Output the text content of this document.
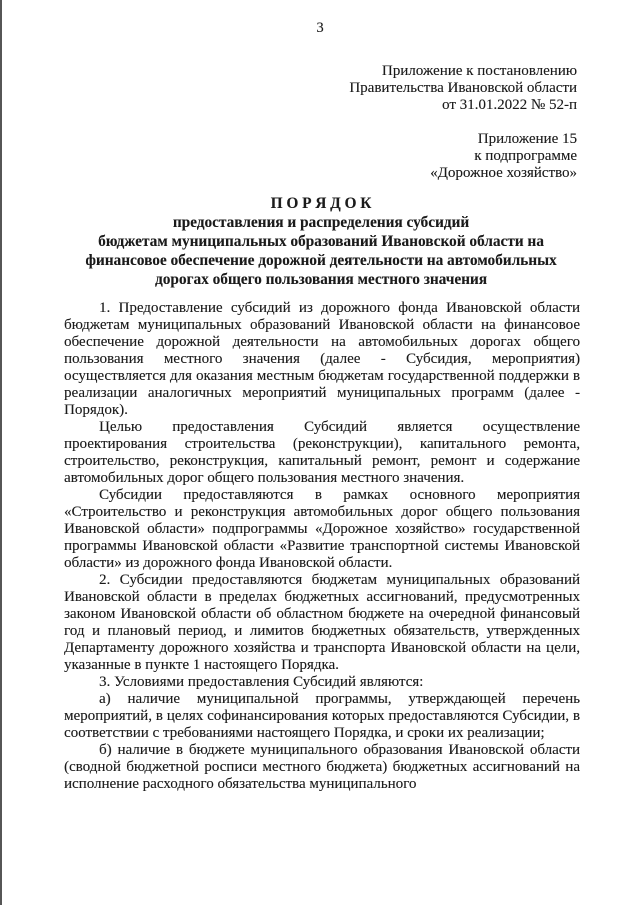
3
Приложение к постановлению
Правительства Ивановской области
от 31.01.2022 № 52-п
Приложение 15
к подпрограмме
«Дорожное хозяйство»
П О Р Я Д О К
предоставления и распределения субсидий
бюджетам муниципальных образований Ивановской области на
финансовое обеспечение дорожной деятельности на автомобильных
дорогах общего пользования местного значения

1. Предоставление субсидий из дорожного фонда Ивановской области бюджетам муниципальных образований Ивановской области на финансовое обеспечение дорожной деятельности на автомобильных дорогах общего пользования местного значения (далее - Субсидия, мероприятия) осуществляется для оказания местным бюджетам государственной поддержки в реализации аналогичных мероприятий муниципальных программ (далее - Порядок).

Целью предоставления Субсидий является осуществление проектирования строительства (реконструкции), капитального ремонта, строительство, реконструкция, капитальный ремонт, ремонт и содержание автомобильных дорог общего пользования местного значения.

Субсидии предоставляются в рамках основного мероприятия «Строительство и реконструкция автомобильных дорог общего пользования Ивановской области» подпрограммы «Дорожное хозяйство» государственной программы Ивановской области «Развитие транспортной системы Ивановской области» из дорожного фонда Ивановской области.

2. Субсидии предоставляются бюджетам муниципальных образований Ивановской области в пределах бюджетных ассигнований, предусмотренных законом Ивановской области об областном бюджете на очередной финансовый год и плановый период, и лимитов бюджетных обязательств, утвержденных Департаменту дорожного хозяйства и транспорта Ивановской области на цели, указанные в пункте 1 настоящего Порядка.

3. Условиями предоставления Субсидий являются:

а) наличие муниципальной программы, утверждающей перечень мероприятий, в целях софинансирования которых предоставляются Субсидии, в соответствии с требованиями настоящего Порядка, и сроки их реализации;

б) наличие в бюджете муниципального образования Ивановской области (сводной бюджетной росписи местного бюджета) бюджетных ассигнований на исполнение расходного обязательства муниципального
